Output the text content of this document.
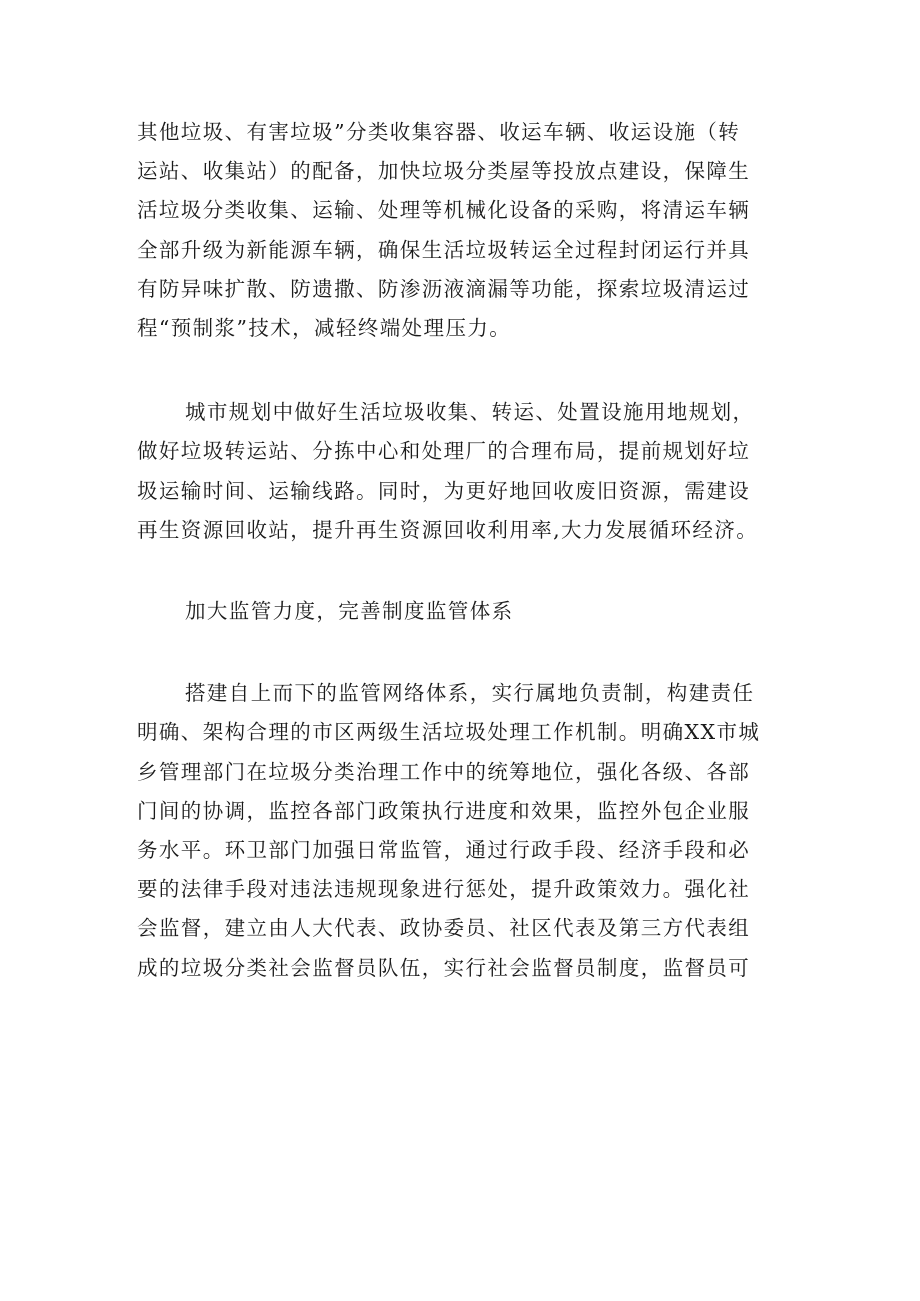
其他垃圾、有害垃圾”分类收集容器、收运车辆、收运设施（转
运站、收集站）的配备，加快垃圾分类屋等投放点建设，保障生
活垃圾分类收集、运输、处理等机械化设备的采购，将清运车辆
全部升级为新能源车辆，确保生活垃圾转运全过程封闭运行并具
有防异味扩散、防遗撒、防渗沥液滴漏等功能，探索垃圾清运过
程“预制浆”技术，减轻终端处理压力。

城市规划中做好生活垃圾收集、转运、处置设施用地规划，
做好垃圾转运站、分拣中心和处理厂的合理布局，提前规划好垃
圾运输时间、运输线路。同时，为更好地回收废旧资源，需建设
再生资源回收站，提升再生资源回收利用率,大力发展循环经济。

加大监管力度，完善制度监管体系

搭建自上而下的监管网络体系，实行属地负责制，构建责任
明确、架构合理的市区两级生活垃圾处理工作机制。明确XX市城
乡管理部门在垃圾分类治理工作中的统筹地位，强化各级、各部
门间的协调，监控各部门政策执行进度和效果，监控外包企业服
务水平。环卫部门加强日常监管，通过行政手段、经济手段和必
要的法律手段对违法违规现象进行惩处，提升政策效力。强化社
会监督，建立由人大代表、政协委员、社区代表及第三方代表组
成的垃圾分类社会监督员队伍，实行社会监督员制度，监督员可
